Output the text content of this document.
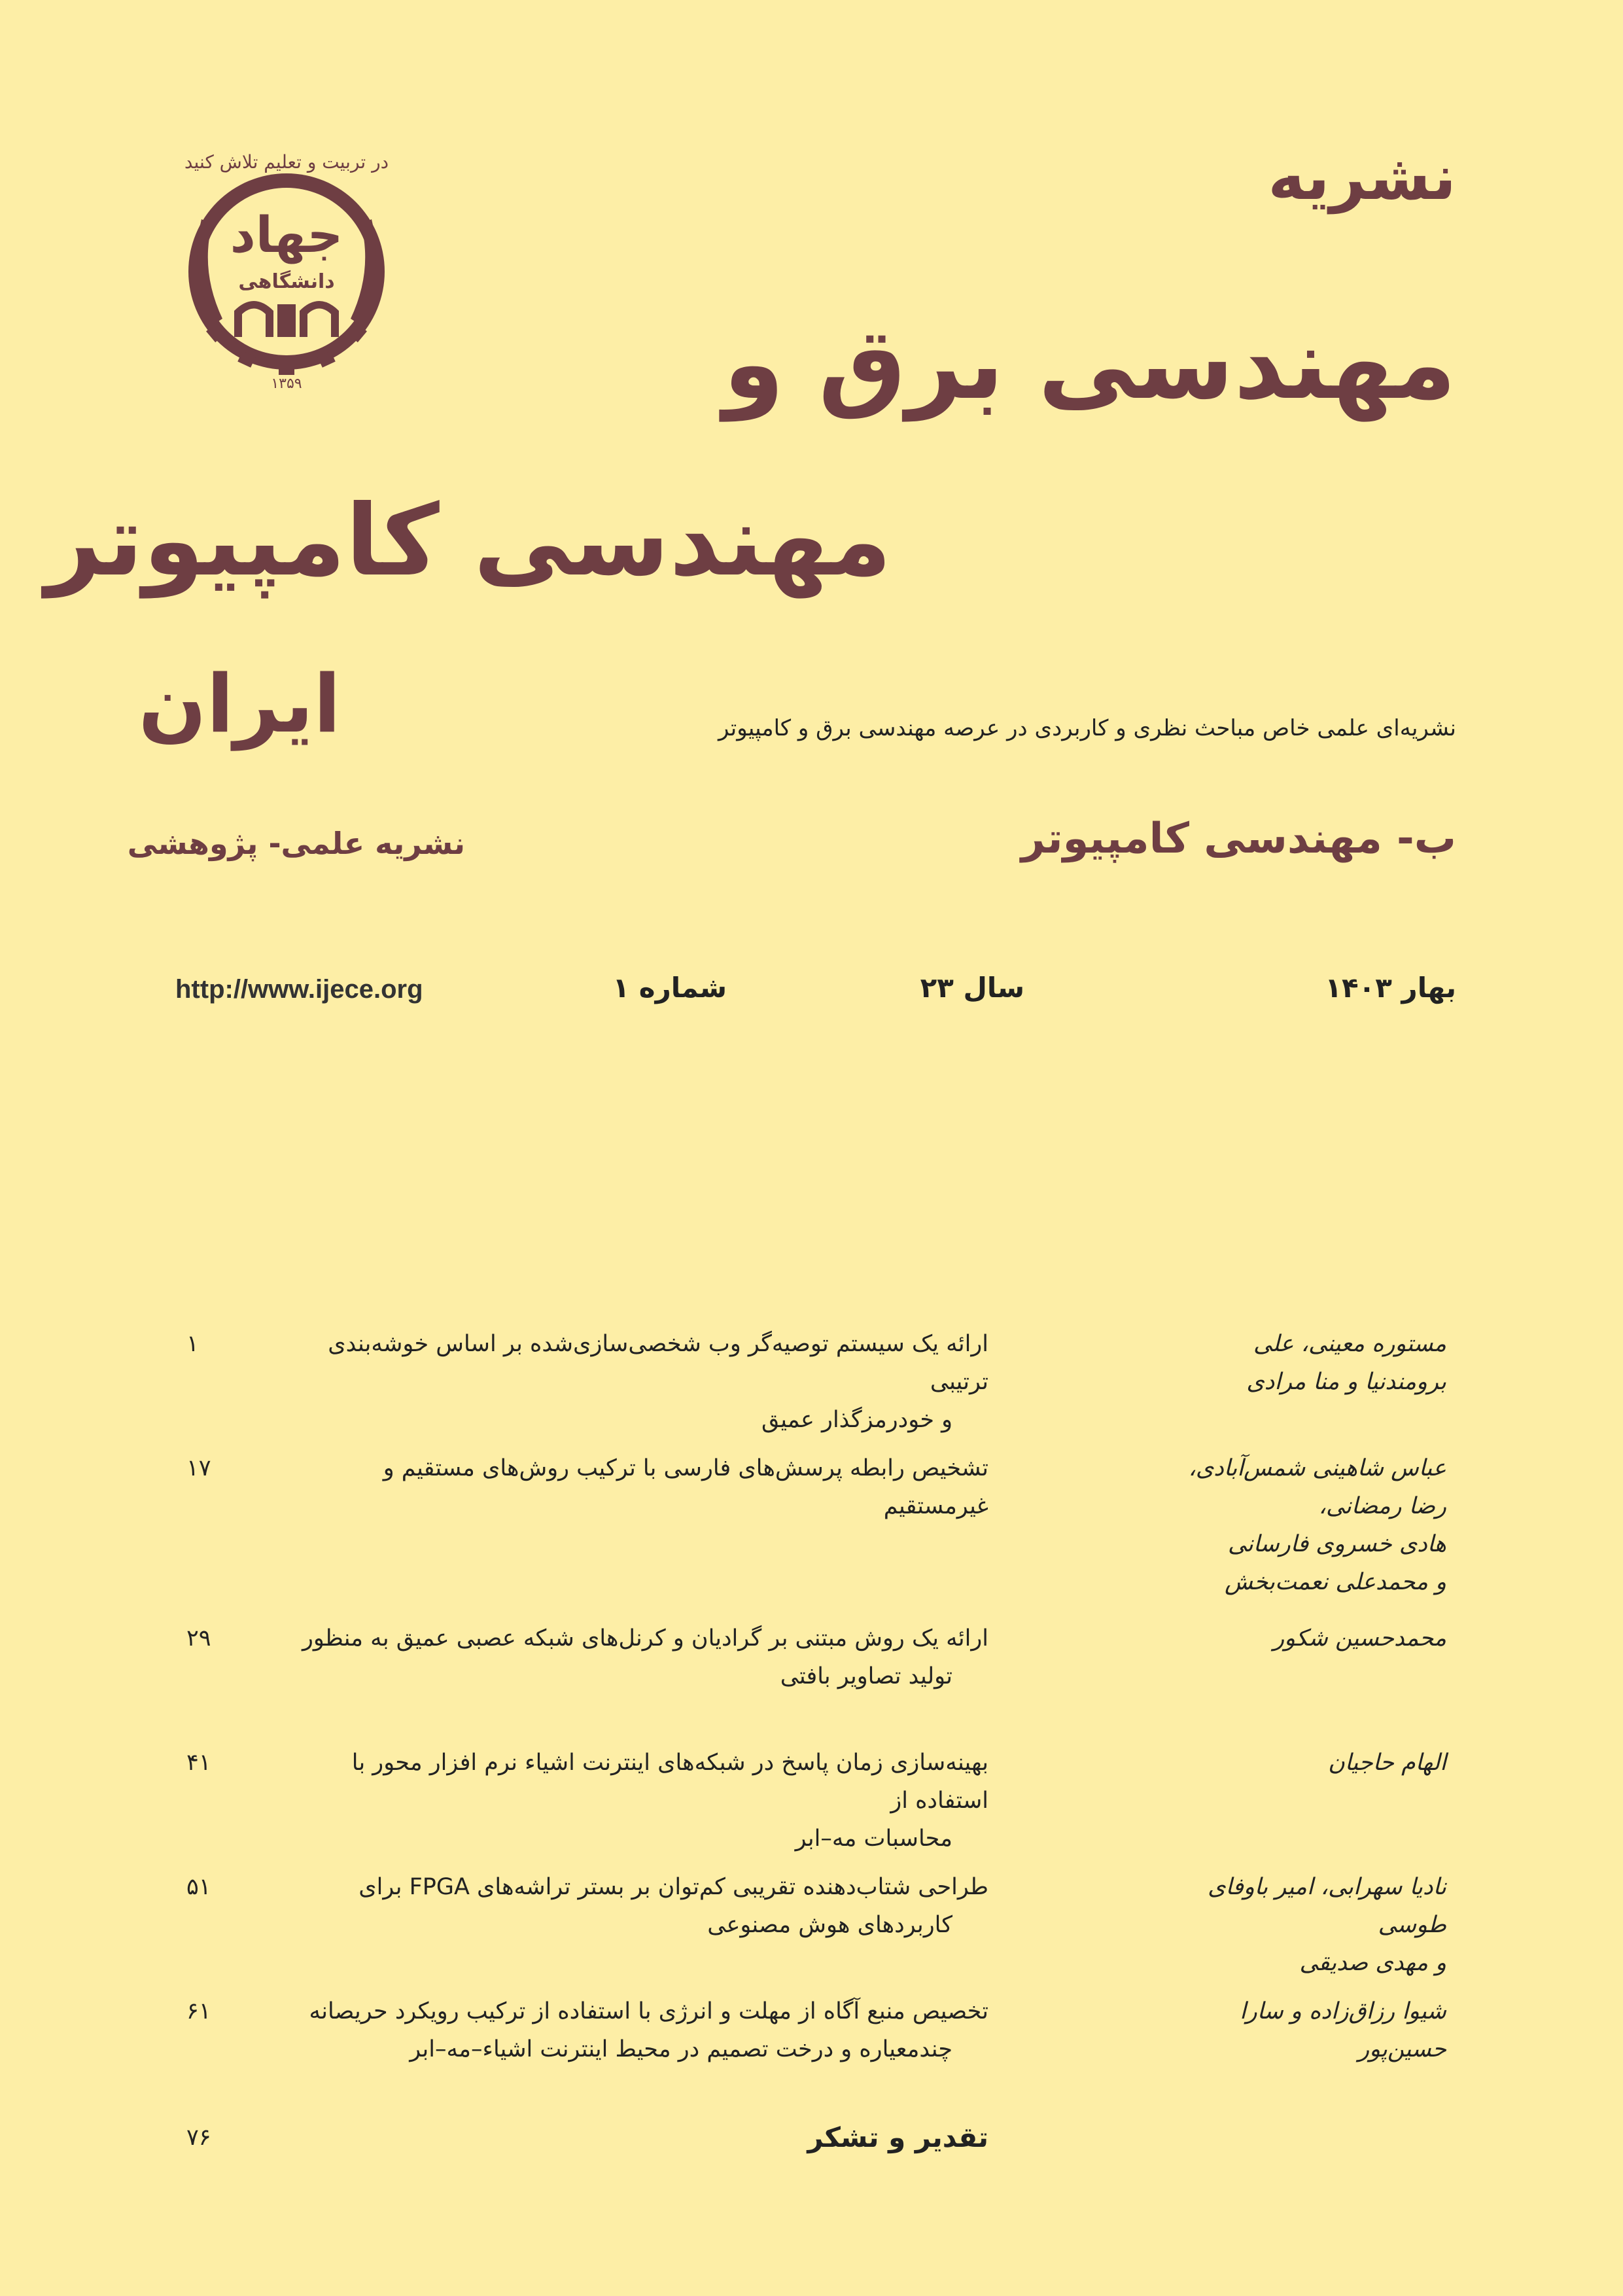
در تربیت و تعلیم تلاش کنید
جهاد
دانشگاهی
۱۳۵۹
نشریه
مهندسی برق و
مهندسی کامپیوتر
ایران	نشریه‌ای علمی خاص مباحث نظری و کاربردی در عرصه مهندسی برق و کامپیوتر
ب- مهندسی کامپیوتر
نشریه علمی- پژوهشی
بهار ۱۴۰۳
سال ۲۳
شماره ۱
http://www.ijece.org
مستوره معینی، علی برومندنیا و منا مرادی
ارائه یک سیستم توصیه‌گر وب شخصی‌سازی‌شده بر اساس خوشه‌بندی ترتیبی
و خودرمزگذار عمیق
۱
عباس شاهینی شمس‌آبادی، رضا رمضانی،
هادی خسروی فارسانی
و محمدعلی نعمت‌بخش
تشخیص رابطه پرسش‌های فارسی با ترکیب روش‌های مستقیم و غیرمستقیم
۱۷
محمدحسین شکور
ارائه یک روش مبتنی بر گرادیان و کرنل‌های شبکه عصبی عمیق به منظور
تولید تصاویر بافتی
۲۹
الهام حاجیان
بهینه‌سازی زمان پاسخ در شبکه‌های اینترنت اشیاء نرم افزار محور با استفاده از
محاسبات مه–ابر
۴۱
نادیا سهرابی، امیر باوفای طوسی
و مهدی صدیقی
طراحی شتاب‌دهنده تقریبی کم‌توان بر بستر تراشه‌های FPGA برای
کاربردهای هوش مصنوعی
۵۱
شیوا رزاق‌زاده و سارا حسین‌پور
تخصیص منبع آگاه از مهلت و انرژی با استفاده از ترکیب رویکرد حریصانه
چندمعیاره و درخت تصمیم در محیط اینترنت اشیاء–مه–ابر
۶۱
تقدیر و تشکر
۷۶
